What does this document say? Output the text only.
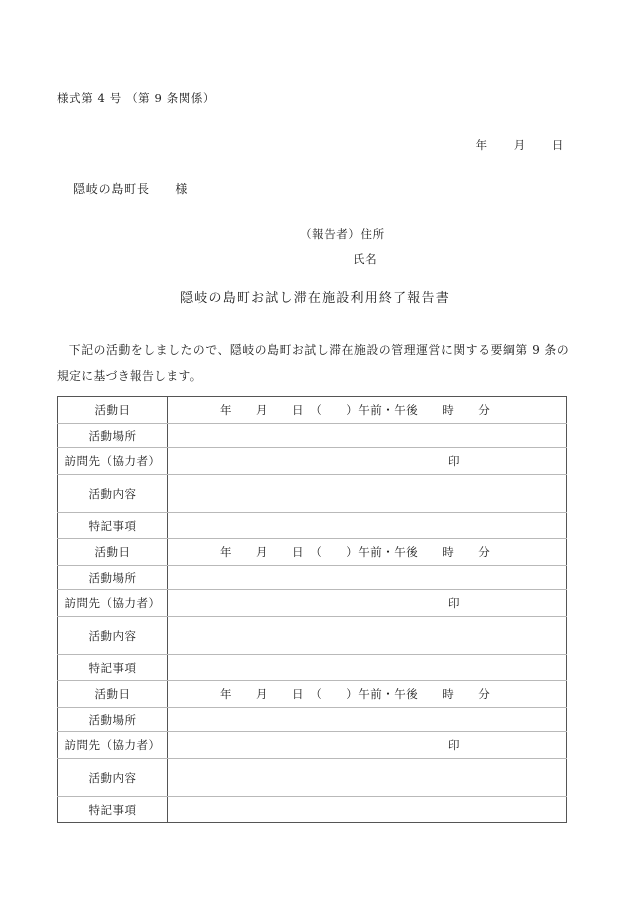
様式第 4 号 （第 9 条関係）
年 月 日
隠岐の島町長　　様
（報告者）住所
氏名
隠岐の島町お試し滞在施設利用終了報告書
下記の活動をしましたので、隠岐の島町お試し滞在施設の管理運営に関する要綱第 9 条の規定に基づき報告します。
活動日	年　　月　　日　（　　）午前・午後　　時　　分
活動場所	
訪問先（協力者）	印

活動内容	
特記事項	
活動日	年　　月　　日　（　　）午前・午後　　時　　分
活動場所	
訪問先（協力者）	印

活動内容	
特記事項	
活動日	年　　月　　日　（　　）午前・午後　　時　　分
活動場所	
訪問先（協力者）	印

活動内容	
特記事項	
